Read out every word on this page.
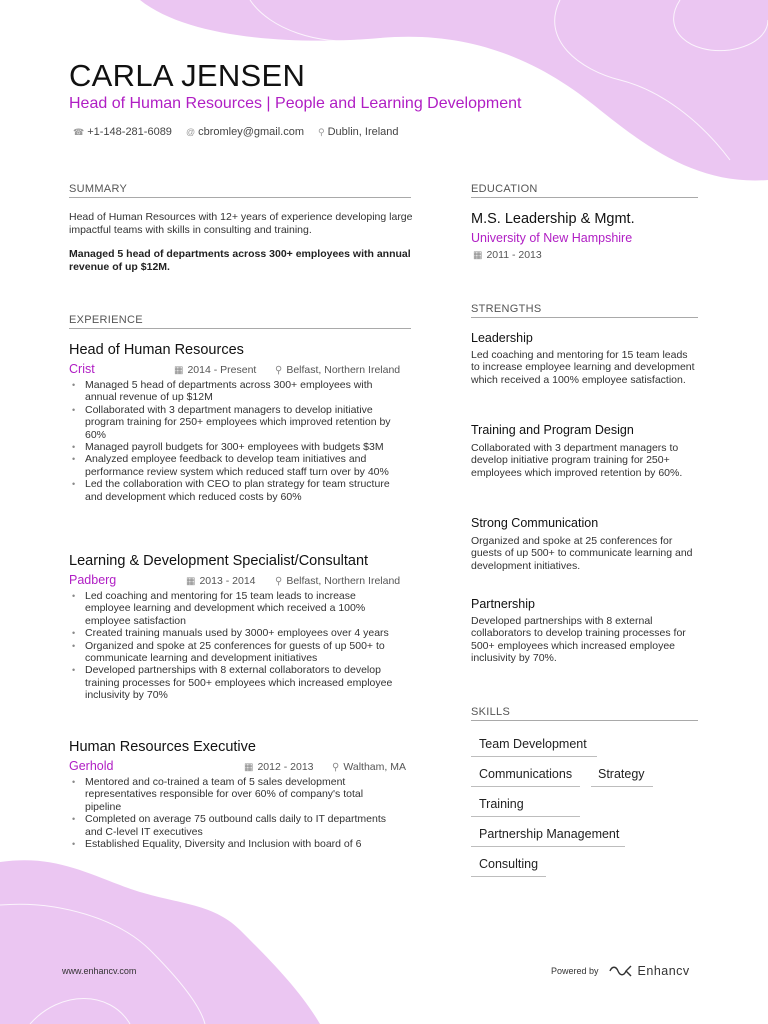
CARLA JENSEN
Head of Human Resources | People and Learning Development
☎ +1-148-281-6089 @ cbromley@gmail.com ⚲ Dublin, Ireland
SUMMARY
Head of Human Resources with 12+ years of experience developing large impactful teams with skills in consulting and training.
Managed 5 head of departments across 300+ employees with annual revenue of up $12M.
EXPERIENCE
Head of Human Resources
Crist	▦ 2014 - Present ⚲ Belfast, Northern Ireland
• Managed 5 head of departments across 300+ employees with annual revenue of up $12M
• Collaborated with 3 department managers to develop initiative program training for 250+ employees which improved retention by 60%
• Managed payroll budgets for 300+ employees with budgets $3M
• Analyzed employee feedback to develop team initiatives and performance review system which reduced staff turn over by 40%
• Led the collaboration with CEO to plan strategy for team structure and development which reduced costs by 60%
Learning & Development Specialist/Consultant
Padberg	▦ 2013 - 2014 ⚲ Belfast, Northern Ireland
• Led coaching and mentoring for 15 team leads to increase employee learning and development which received a 100% employee satisfaction
• Created training manuals used by 3000+ employees over 4 years
• Organized and spoke at 25 conferences for guests of up 500+ to communicate learning and development initiatives
• Developed partnerships with 8 external collaborators to develop training processes for 500+ employees which increased employee inclusivity by 70%
Human Resources Executive
Gerhold	▦ 2012 - 2013 ⚲ Waltham, MA
• Mentored and co-trained a team of 5 sales development representatives responsible for over 60% of company's total pipeline
• Completed on average 75 outbound calls daily to IT departments and C-level IT executives
• Established Equality, Diversity and Inclusion with board of 6
EDUCATION
M.S. Leadership & Mgmt.
University of New Hampshire
▦ 2011 - 2013
STRENGTHS
Leadership
Led coaching and mentoring for 15 team leads to increase employee learning and development which received a 100% employee satisfaction.
Training and Program Design
Collaborated with 3 department managers to develop initiative program training for 250+ employees which improved retention by 60%.
Strong Communication
Organized and spoke at 25 conferences for guests of up 500+ to communicate learning and development initiatives.
Partnership
Developed partnerships with 8 external collaborators to develop training processes for 500+ employees which increased employee inclusivity by 70%.
SKILLS
Team Development
Communications	Strategy
Training
Partnership Management
Consulting
www.enhancv.com	Powered by	Enhancv
